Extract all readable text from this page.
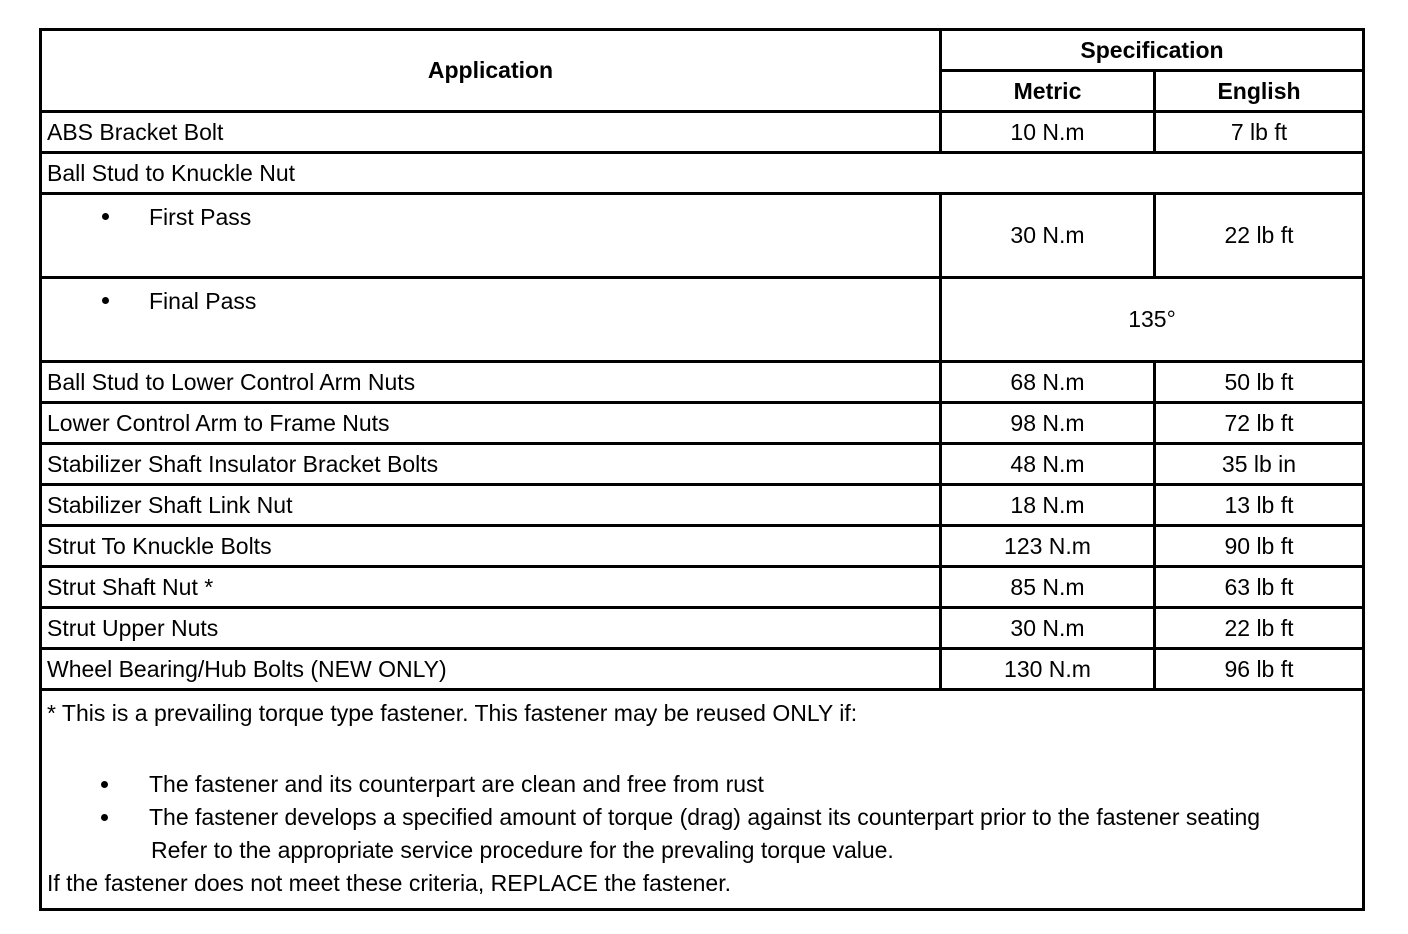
Application	Specification	
	Metric	English
ABS Bracket Bolt	10 N.m	7 lb ft
Ball Stud to Knuckle Nut		
First Pass	30 N.m	22 lb ft
Final Pass	135°	
Ball Stud to Lower Control Arm Nuts	68 N.m	50 lb ft
Lower Control Arm to Frame Nuts	98 N.m	72 lb ft
Stabilizer Shaft Insulator Bracket Bolts	48 N.m	35 lb in
Stabilizer Shaft Link Nut	18 N.m	13 lb ft
Strut To Knuckle Bolts	123 N.m	90 lb ft
Strut Shaft Nut *	85 N.m	63 lb ft
Strut Upper Nuts	30 N.m	22 lb ft
Wheel Bearing/Hub Bolts (NEW ONLY)	130 N.m	96 lb ft

* This is a prevailing torque type fastener. This fastener may be reused ONLY if:
The fastener and its counterpart are clean and free from rust
The fastener develops a specified amount of torque (drag) against its counterpart prior to the fastener seating
Refer to the appropriate service procedure for the prevaling torque value.
If the fastener does not meet these criteria, REPLACE the fastener.		
